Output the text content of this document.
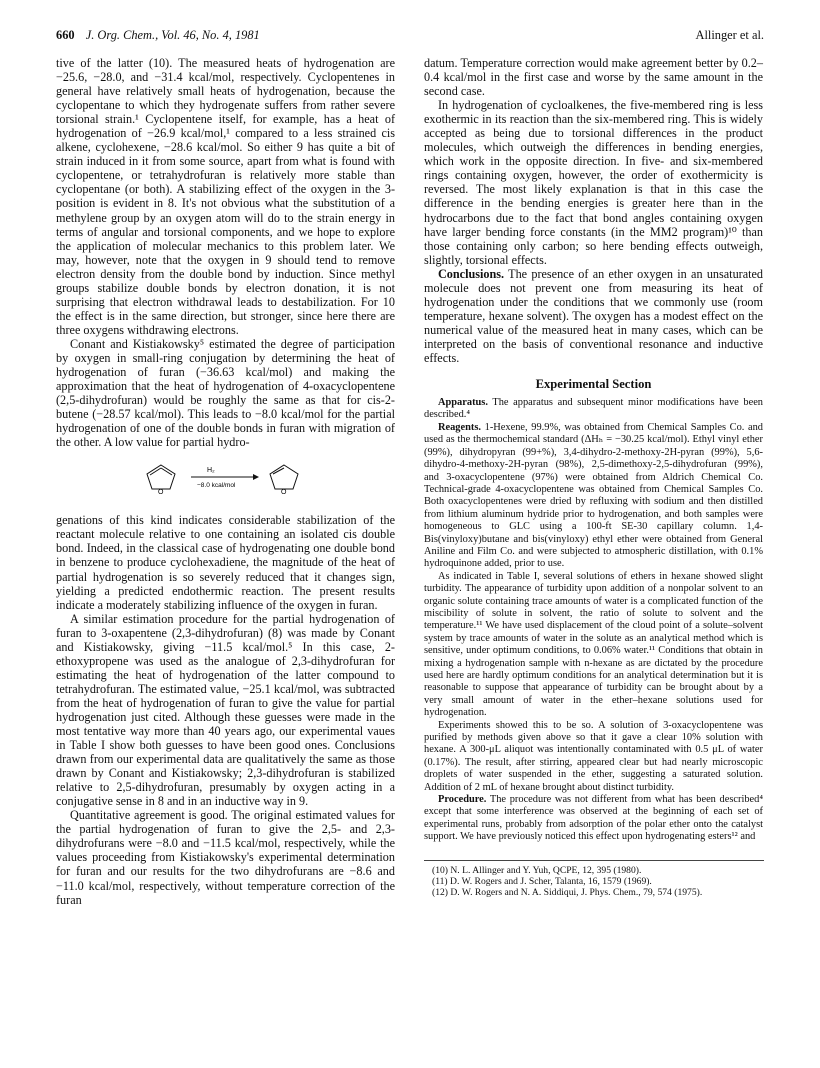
660 J. Org. Chem., Vol. 46, No. 4, 1981	Allinger et al.

tive of the latter (10). The measured heats of hydrogenation are −25.6, −28.0, and −31.4 kcal/mol, respectively. Cyclopentenes in general have relatively small heats of hydrogenation, because the cyclopentane to which they hydrogenate suffers from rather severe torsional strain.¹ Cyclopentene itself, for example, has a heat of hydrogenation of −26.9 kcal/mol,¹ compared to a less strained cis alkene, cyclohexene, −28.6 kcal/mol. So either 9 has quite a bit of strain induced in it from some source, apart from what is found with cyclopentene, or tetrahydrofuran is relatively more stable than cyclopentane (or both). A stabilizing effect of the oxygen in the 3-position is evident in 8. It's not obvious what the substitution of a methylene group by an oxygen atom will do to the strain energy in terms of angular and torsional components, and we hope to explore the application of molecular mechanics to this problem later. We may, however, note that the oxygen in 9 should tend to remove electron density from the double bond by induction. Since methyl groups stabilize double bonds by electron donation, it is not surprising that electron withdrawal leads to destabilization. For 10 the effect is in the same direction, but stronger, since here there are three oxygens withdrawing electrons.

Conant and Kistiakowsky⁵ estimated the degree of participation by oxygen in small-ring conjugation by determining the heat of hydrogenation of furan (−36.63 kcal/mol) and making the approximation that the heat of hydrogenation of 4-oxacyclopentene (2,5-dihydrofuran) would be roughly the same as that for cis-2-butene (−28.57 kcal/mol). This leads to −8.0 kcal/mol for the partial hydrogenation of one of the double bonds in furan with migration of the other. A low value for partial hydro-

O
H₂
−8.0 kcal/mol
O

genations of this kind indicates considerable stabilization of the reactant molecule relative to one containing an isolated cis double bond. Indeed, in the classical case of hydrogenating one double bond in benzene to produce cyclohexadiene, the magnitude of the heat of partial hydrogenation is so severely reduced that it changes sign, yielding a predicted endothermic reaction. The present results indicate a moderately stabilizing influence of the oxygen in furan.

A similar estimation procedure for the partial hydrogenation of furan to 3-oxapentene (2,3-dihydrofuran) (8) was made by Conant and Kistiakowsky, giving −11.5 kcal/mol.⁵ In this case, 2-ethoxypropene was used as the analogue of 2,3-dihydrofuran for estimating the heat of hydrogenation of the latter compound to tetrahydrofuran. The estimated value, −25.1 kcal/mol, was subtracted from the heat of hydrogenation of furan to give the value for partial hydrogenation just cited. Although these guesses were made in the most tentative way more than 40 years ago, our experimental vaues in Table I show both guesses to have been good ones. Conclusions drawn from our experimental data are qualitatively the same as those drawn by Conant and Kistiakowsky; 2,3-dihydrofuran is stabilized relative to 2,5-dihydrofuran, presumably by oxygen acting in a conjugative sense in 8 and in an inductive way in 9.

Quantitative agreement is good. The original estimated values for the partial hydrogenation of furan to give the 2,5- and 2,3-dihydrofurans were −8.0 and −11.5 kcal/mol, respectively, while the values proceeding from Kistiakowsky's experimental determination for furan and our results for the two dihydrofurans are −8.6 and −11.0 kcal/mol, respectively, without temperature correction of the furan

datum. Temperature correction would make agreement better by 0.2–0.4 kcal/mol in the first case and worse by the same amount in the second case.

In hydrogenation of cycloalkenes, the five-membered ring is less exothermic in its reaction than the six-membered ring. This is widely accepted as being due to torsional differences in the product molecules, which outweigh the differences in bending energies, which work in the opposite direction. In five- and six-membered rings containing oxygen, however, the order of exothermicity is reversed. The most likely explanation is that in this case the difference in the bending energies is greater here than in the hydrocarbons due to the fact that bond angles containing oxygen have larger bending force constants (in the MM2 program)¹⁰ than those containing only carbon; so here bending effects outweigh, slightly, torsional effects.

Conclusions. The presence of an ether oxygen in an unsaturated molecule does not prevent one from measuring its heat of hydrogenation under the conditions that we commonly use (room temperature, hexane solvent). The oxygen has a modest effect on the numerical value of the measured heat in many cases, which can be interpreted on the basis of conventional resonance and inductive effects.

Experimental Section

Apparatus. The apparatus and subsequent minor modifications have been described.⁴

Reagents. 1-Hexene, 99.9%, was obtained from Chemical Samples Co. and used as the thermochemical standard (ΔHₕ = −30.25 kcal/mol). Ethyl vinyl ether (99%), dihydropyran (99+%), 3,4-dihydro-2-methoxy-2H-pyran (99%), 5,6-dihydro-4-methoxy-2H-pyran (98%), 2,5-dimethoxy-2,5-dihydrofuran (99%), and 3-oxacyclopentene (97%) were obtained from Aldrich Chemical Co. Technical-grade 4-oxacyclopentene was obtained from Chemical Samples Co. Both oxacyclopentenes were dried by refluxing with sodium and then distilled from lithium aluminum hydride prior to hydrogenation, and both samples were homogeneous to GLC using a 100-ft SE-30 capillary column. 1,4-Bis(vinyloxy)butane and bis(vinyloxy) ethyl ether were obtained from General Aniline and Film Co. and were subjected to atmospheric distillation, with 0.1% hydroquinone added, prior to use.

As indicated in Table I, several solutions of ethers in hexane showed slight turbidity. The appearance of turbidity upon addition of a nonpolar solvent to an organic solute containing trace amounts of water is a complicated function of the miscibility of solute in solvent, the ratio of solute to solvent and the temperature.¹¹ We have used displacement of the cloud point of a solute–solvent system by trace amounts of water in the solute as an analytical method which is sensitive, under optimum conditions, to 0.06% water.¹¹ Conditions that obtain in mixing a hydrogenation sample with n-hexane as are dictated by the procedure used here are hardly optimum conditions for an analytical determination but it is reasonable to suppose that appearance of turbidity can be brought about by a very small amount of water in the ether–hexane solutions used for hydrogenation.

Experiments showed this to be so. A solution of 3-oxacyclopentene was purified by methods given above so that it gave a clear 10% solution with hexane. A 300-μL aliquot was intentionally contaminated with 0.5 μL of water (0.17%). The result, after stirring, appeared clear but had nearly microscopic droplets of water suspended in the ether, suggesting a saturated solution. Addition of 2 mL of hexane brought about distinct turbidity.

Procedure. The procedure was not different from what has been described⁴ except that some interference was observed at the beginning of each set of experimental runs, probably from adsorption of the polar ether onto the catalyst support. We have previously noticed this effect upon hydrogenating esters¹² and

(10) N. L. Allinger and Y. Yuh, QCPE, 12, 395 (1980).
(11) D. W. Rogers and J. Scher, Talanta, 16, 1579 (1969).
(12) D. W. Rogers and N. A. Siddiqui, J. Phys. Chem., 79, 574 (1975).
